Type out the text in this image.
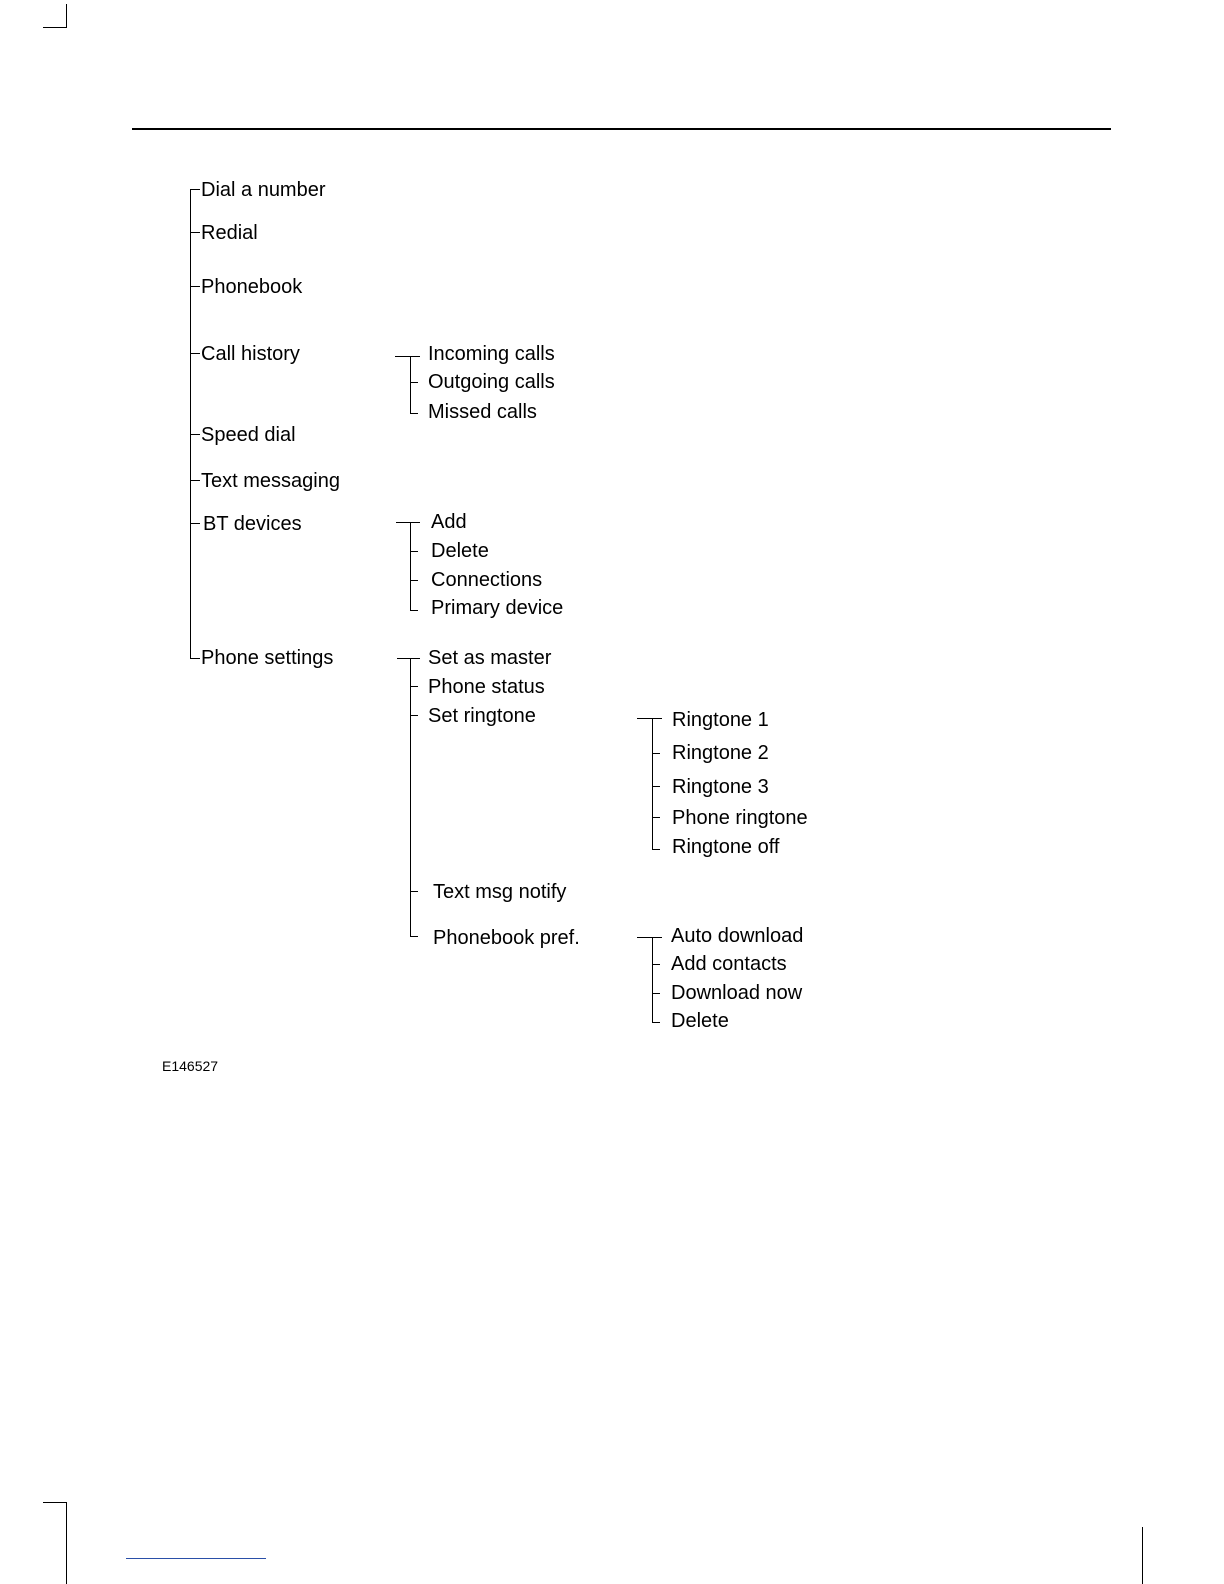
Dial a number
Redial
Phonebook
Call history
Speed dial
Text messaging
BT devices
Phone settings
Incoming calls
Outgoing calls
Missed calls
Add
Delete
Connections
Primary device
Set as master
Phone status
Set ringtone
Text msg notify
Phonebook pref.
Ringtone 1
Ringtone 2
Ringtone 3
Phone ringtone
Ringtone off
Auto download
Add contacts
Download now
Delete
E146527
